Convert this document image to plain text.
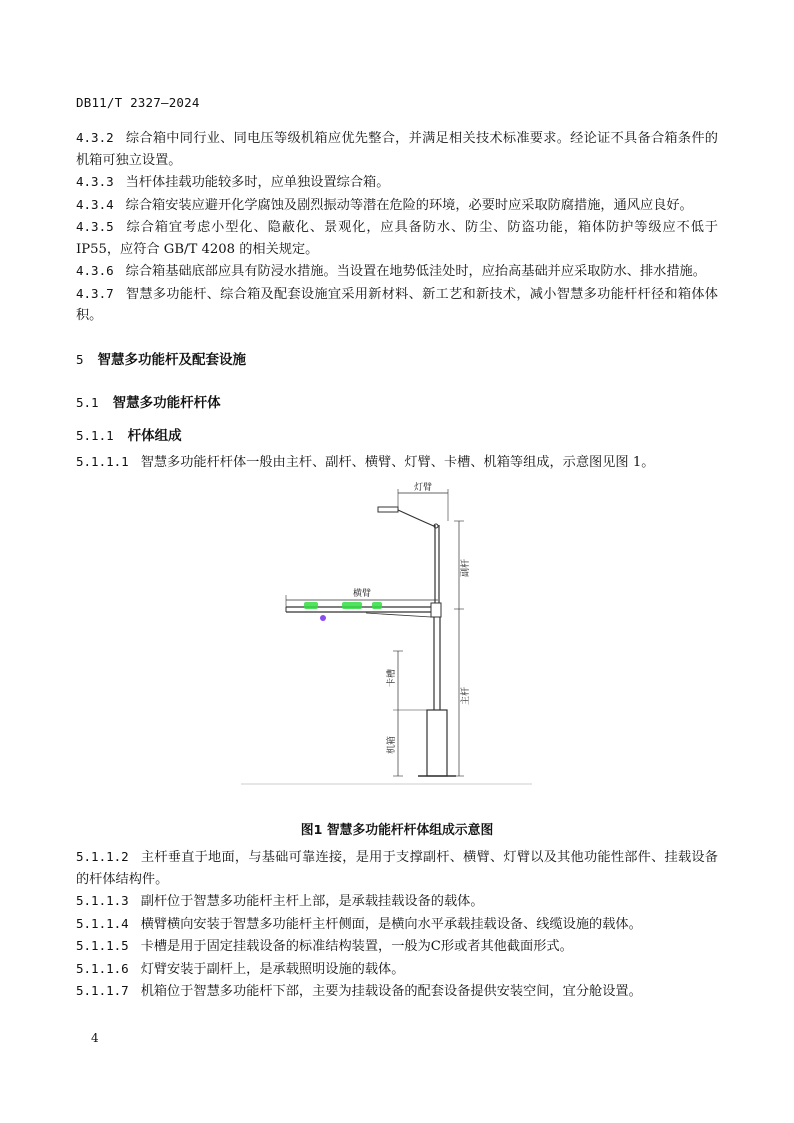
DB11/T 2327—2024

4.3.2 综合箱中同行业、同电压等级机箱应优先整合，并满足相关技术标准要求。经论证不具备合箱条件的机箱可独立设置。

4.3.3 当杆体挂载功能较多时，应单独设置综合箱。

4.3.4 综合箱安装应避开化学腐蚀及剧烈振动等潜在危险的环境，必要时应采取防腐措施，通风应良好。

4.3.5 综合箱宜考虑小型化、隐蔽化、景观化，应具备防水、防尘、防盗功能，箱体防护等级应不低于 IP55，应符合 GB/T 4208 的相关规定。

4.3.6 综合箱基础底部应具有防浸水措施。当设置在地势低洼处时，应抬高基础并应采取防水、排水措施。

4.3.7 智慧多功能杆、综合箱及配套设施宜采用新材料、新工艺和新技术，减小智慧多功能杆杆径和箱体体积。

5 智慧多功能杆及配套设施

5.1 智慧多功能杆杆体

5.1.1 杆体组成

5.1.1.1 智慧多功能杆杆体一般由主杆、副杆、横臂、灯臂、卡槽、机箱等组成，示意图见图 1。

灯臂
横臂
副杆
卡槽
主杆
机箱

图1 智慧多功能杆杆体组成示意图

5.1.1.2 主杆垂直于地面，与基础可靠连接，是用于支撑副杆、横臂、灯臂以及其他功能性部件、挂载设备的杆体结构件。

5.1.1.3 副杆位于智慧多功能杆主杆上部，是承载挂载设备的载体。

5.1.1.4 横臂横向安装于智慧多功能杆主杆侧面，是横向水平承载挂载设备、线缆设施的载体。

5.1.1.5 卡槽是用于固定挂载设备的标准结构装置，一般为C形或者其他截面形式。

5.1.1.6 灯臂安装于副杆上，是承载照明设施的载体。

5.1.1.7 机箱位于智慧多功能杆下部，主要为挂载设备的配套设备提供安装空间，宜分舱设置。

4
